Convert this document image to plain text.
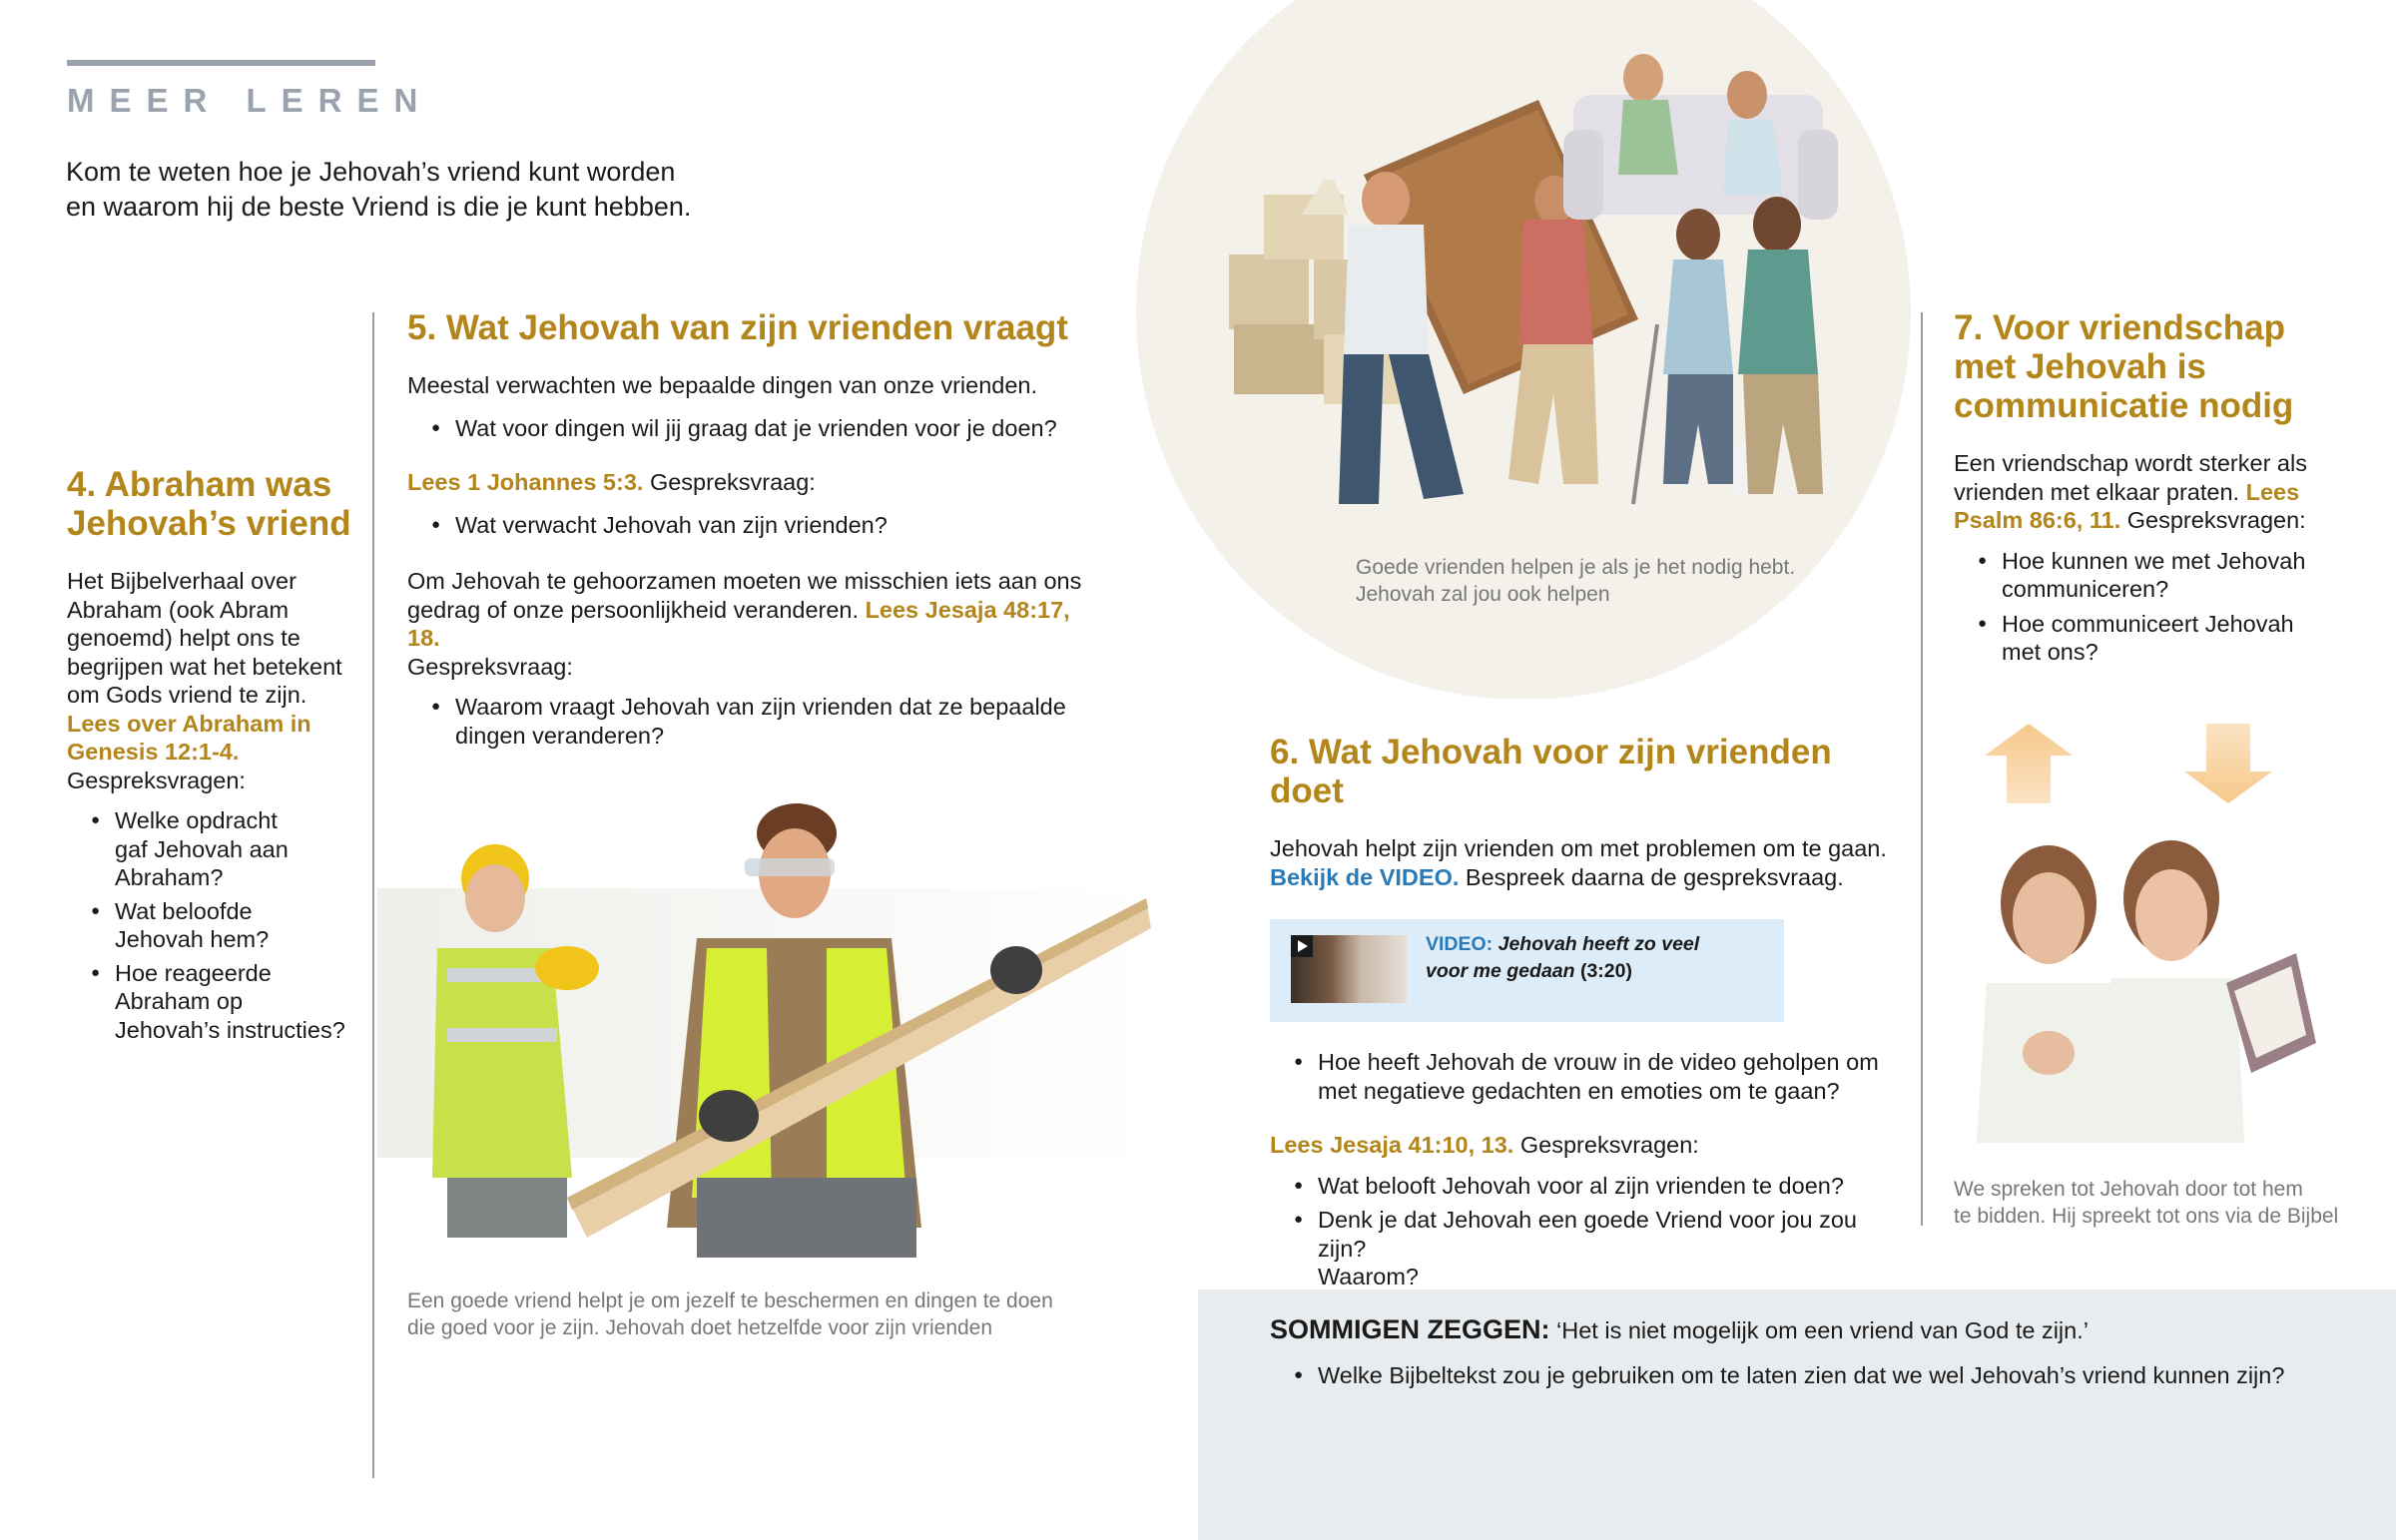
MEER LEREN
Kom te weten hoe je Jehovah’s vriend kunt worden
en waarom hij de beste Vriend is die je kunt hebben.
4. Abraham was
Jehovah’s vriend
Het Bijbelverhaal over
Abraham (ook Abram
genoemd) helpt ons te
begrijpen wat het betekent
om Gods vriend te zijn.
Lees over Abraham in
Genesis 12:1-4.
Gespreksvragen:
● Welke opdracht
gaf Jehovah aan
Abraham?
● Wat beloofde
Jehovah hem?
● Hoe reageerde
Abraham op
Jehovah’s instructies?
5. Wat Jehovah van zijn vrienden vraagt
Meestal verwachten we bepaalde dingen van onze vrienden.
● Wat voor dingen wil jij graag dat je vrienden voor je doen?
Lees 1 Johannes 5:3. Gespreksvraag:
● Wat verwacht Jehovah van zijn vrienden?
Om Jehovah te gehoorzamen moeten we misschien iets aan ons
gedrag of onze persoonlijkheid veranderen. Lees Jesaja 48:17, 18.
Gespreksvraag:
● Waarom vraagt Jehovah van zijn vrienden dat ze bepaalde
dingen veranderen?
Een goede vriend helpt je om jezelf te beschermen en dingen te doen
die goed voor je zijn. Jehovah doet hetzelfde voor zijn vrienden
Goede vrienden helpen je als je het nodig hebt.
Jehovah zal jou ook helpen
6. Wat Jehovah voor zijn vrienden doet
Jehovah helpt zijn vrienden om met problemen om te gaan.
Bekijk de VIDEO. Bespreek daarna de gespreksvraag.
VIDEO: Jehovah heeft zo veel
voor me gedaan (3:20)
● Hoe heeft Jehovah de vrouw in de video geholpen om
met negatieve gedachten en emoties om te gaan?
Lees Jesaja 41:10, 13. Gespreksvragen:
● Wat belooft Jehovah voor al zijn vrienden te doen?
● Denk je dat Jehovah een goede Vriend voor jou zou zijn?
Waarom?
7. Voor vriendschap
met Jehovah is
communicatie nodig
Een vriendschap wordt sterker als
vrienden met elkaar praten. Lees
Psalm 86:6, 11. Gespreksvragen:
● Hoe kunnen we met Jehovah
communiceren?
● Hoe communiceert Jehovah
met ons?
We spreken tot Jehovah door tot hem
te bidden. Hij spreekt tot ons via de Bijbel
SOMMIGEN ZEGGEN: ‘Het is niet mogelijk om een vriend van God te zijn.’
● Welke Bijbeltekst zou je gebruiken om te laten zien dat we wel Jehovah’s vriend kunnen zijn?
